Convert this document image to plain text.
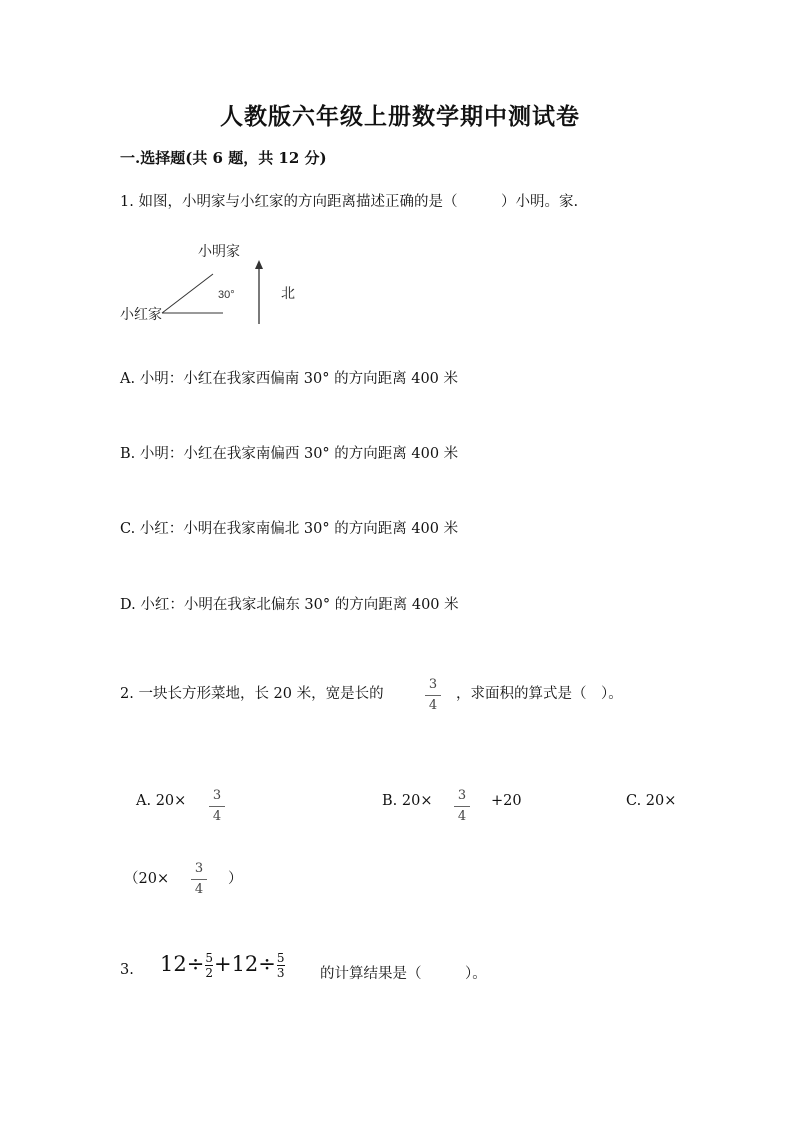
人教版六年级上册数学期中测试卷
一.选择题(共 6 题，共 12 分)
1. 如图，小明家与小红家的方向距离描述正确的是（　　　）小明。家.
小明家
30°	北
小红家
A. 小明：小红在我家西偏南 30° 的方向距离 400 米
B. 小明：小红在我家南偏西 30° 的方向距离 400 米
C. 小红：小明在我家南偏北 30° 的方向距离 400 米
D. 小红：小明在我家北偏东 30° 的方向距离 400 米
2. 一块长方形菜地，长 20 米，宽是长的
3
4
，求面积的算式是（　）。
A. 20× 3
4
B. 20× 3
4
+20	C. 20×
（20×
3
4
）
3. $12\div\frac{5}{2}+12\div\frac{5}{3}$ 的计算结果是（　　　）。
